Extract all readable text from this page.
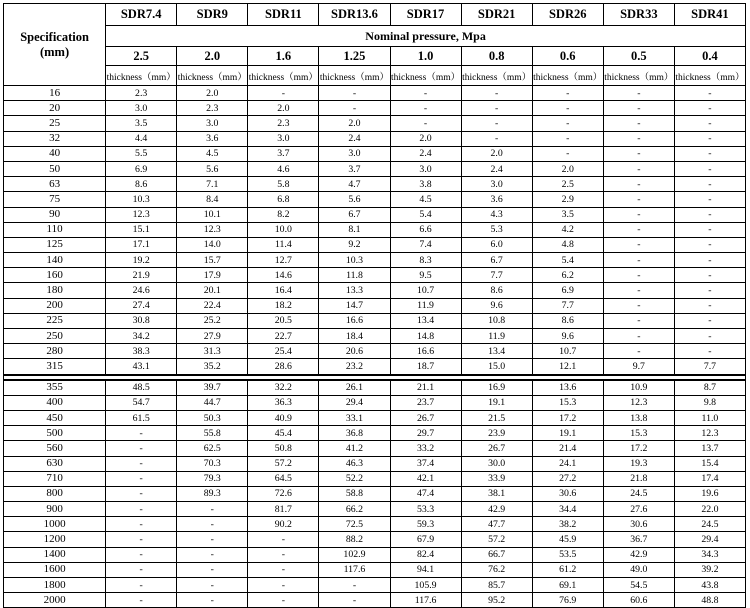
Specification
(mm)	SDR7.4	SDR9	SDR11	SDR13.6	SDR17	SDR21	SDR26	SDR33	SDR41
	Nominal pressure, Mpa								
	2.5	2.0	1.6	1.25	1.0	0.8	0.6	0.5	0.4
	thickness（mm）	thickness（mm）	thickness（mm）	thickness（mm）	thickness（mm）	thickness（mm）	thickness（mm）	thickness（mm）	thickness（mm）
16	2.3	2.0	-	-	-	-	-	-	-
20	3.0	2.3	2.0	-	-	-	-	-	-
25	3.5	3.0	2.3	2.0	-	-	-	-	-
32	4.4	3.6	3.0	2.4	2.0	-	-	-	-
40	5.5	4.5	3.7	3.0	2.4	2.0	-	-	-
50	6.9	5.6	4.6	3.7	3.0	2.4	2.0	-	-
63	8.6	7.1	5.8	4.7	3.8	3.0	2.5	-	-
75	10.3	8.4	6.8	5.6	4.5	3.6	2.9	-	-
90	12.3	10.1	8.2	6.7	5.4	4.3	3.5	-	-
110	15.1	12.3	10.0	8.1	6.6	5.3	4.2	-	-
125	17.1	14.0	11.4	9.2	7.4	6.0	4.8	-	-
140	19.2	15.7	12.7	10.3	8.3	6.7	5.4	-	-
160	21.9	17.9	14.6	11.8	9.5	7.7	6.2	-	-
180	24.6	20.1	16.4	13.3	10.7	8.6	6.9	-	-
200	27.4	22.4	18.2	14.7	11.9	9.6	7.7	-	-
225	30.8	25.2	20.5	16.6	13.4	10.8	8.6	-	-
250	34.2	27.9	22.7	18.4	14.8	11.9	9.6	-	-
280	38.3	31.3	25.4	20.6	16.6	13.4	10.7	-	-
315	43.1	35.2	28.6	23.2	18.7	15.0	12.1	9.7	7.7

355	48.5	39.7	32.2	26.1	21.1	16.9	13.6	10.9	8.7
400	54.7	44.7	36.3	29.4	23.7	19.1	15.3	12.3	9.8
450	61.5	50.3	40.9	33.1	26.7	21.5	17.2	13.8	11.0
500	-	55.8	45.4	36.8	29.7	23.9	19.1	15.3	12.3
560	-	62.5	50.8	41.2	33.2	26.7	21.4	17.2	13.7
630	-	70.3	57.2	46.3	37.4	30.0	24.1	19.3	15.4
710	-	79.3	64.5	52.2	42.1	33.9	27.2	21.8	17.4
800	-	89.3	72.6	58.8	47.4	38.1	30.6	24.5	19.6
900	-	-	81.7	66.2	53.3	42.9	34.4	27.6	22.0
1000	-	-	90.2	72.5	59.3	47.7	38.2	30.6	24.5
1200	-	-	-	88.2	67.9	57.2	45.9	36.7	29.4
1400	-	-	-	102.9	82.4	66.7	53.5	42.9	34.3
1600	-	-	-	117.6	94.1	76.2	61.2	49.0	39.2
1800	-	-	-	-	105.9	85.7	69.1	54.5	43.8
2000	-	-	-	-	117.6	95.2	76.9	60.6	48.8
